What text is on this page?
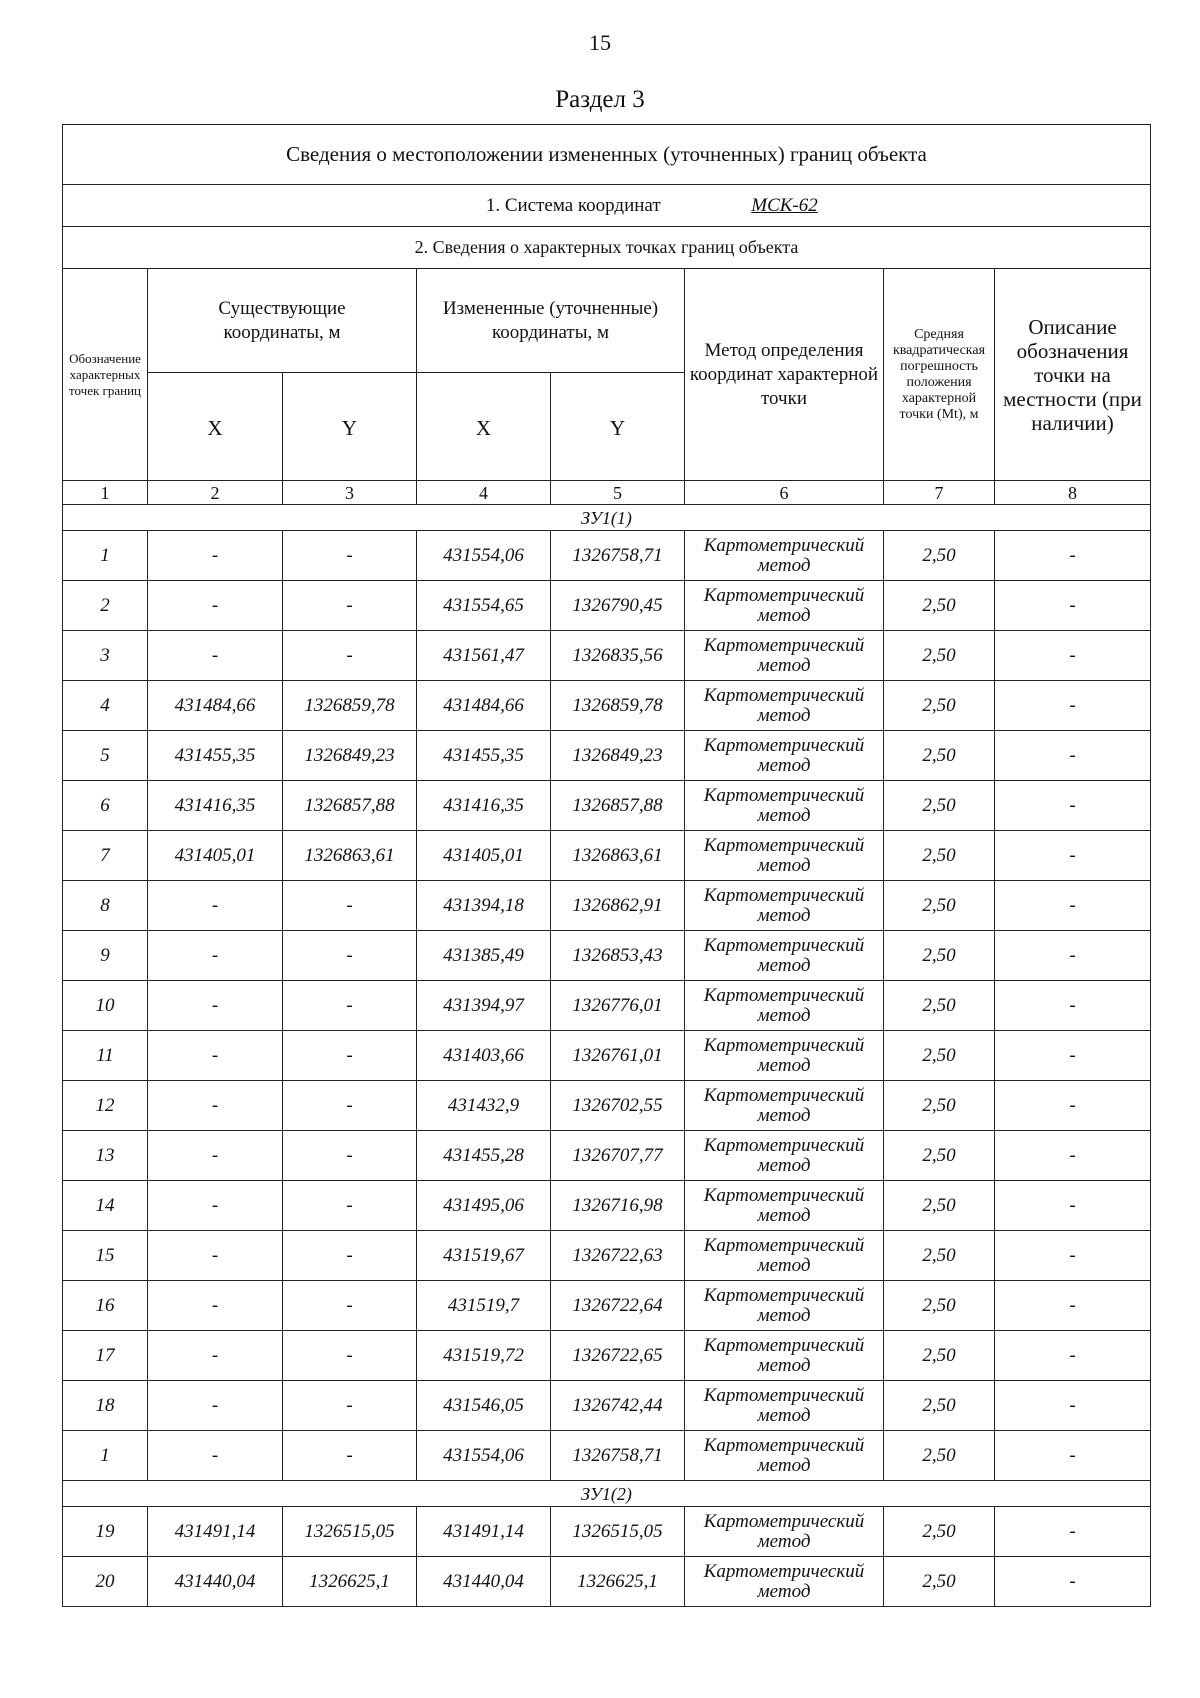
15
Раздел 3
Сведения о местоположении измененных (уточненных) границ объекта							
1. Система координат МСК-62							
2. Сведения о характерных точках границ объекта							
Обозначение характерных точек границ	Существующие координаты, м		Измененные (уточненные) координаты, м		Метод определения координат характерной точки	Средняя квадратическая погрешность положения характерной точки (Mt), м	Описание обозначения точки на местности (при наличии)
	X	Y	X	Y			
1	2	3	4	5	6	7	8
ЗУ1(1)							
1	-	-	431554,06	1326758,71	Картометрический метод	2,50	-
2	-	-	431554,65	1326790,45	Картометрический метод	2,50	-
3	-	-	431561,47	1326835,56	Картометрический метод	2,50	-
4	431484,66	1326859,78	431484,66	1326859,78	Картометрический метод	2,50	-
5	431455,35	1326849,23	431455,35	1326849,23	Картометрический метод	2,50	-
6	431416,35	1326857,88	431416,35	1326857,88	Картометрический метод	2,50	-
7	431405,01	1326863,61	431405,01	1326863,61	Картометрический метод	2,50	-
8	-	-	431394,18	1326862,91	Картометрический метод	2,50	-
9	-	-	431385,49	1326853,43	Картометрический метод	2,50	-
10	-	-	431394,97	1326776,01	Картометрический метод	2,50	-
11	-	-	431403,66	1326761,01	Картометрический метод	2,50	-
12	-	-	431432,9	1326702,55	Картометрический метод	2,50	-
13	-	-	431455,28	1326707,77	Картометрический метод	2,50	-
14	-	-	431495,06	1326716,98	Картометрический метод	2,50	-
15	-	-	431519,67	1326722,63	Картометрический метод	2,50	-
16	-	-	431519,7	1326722,64	Картометрический метод	2,50	-
17	-	-	431519,72	1326722,65	Картометрический метод	2,50	-
18	-	-	431546,05	1326742,44	Картометрический метод	2,50	-
1	-	-	431554,06	1326758,71	Картометрический метод	2,50	-
ЗУ1(2)							
19	431491,14	1326515,05	431491,14	1326515,05	Картометрический метод	2,50	-
20	431440,04	1326625,1	431440,04	1326625,1	Картометрический метод	2,50	-
